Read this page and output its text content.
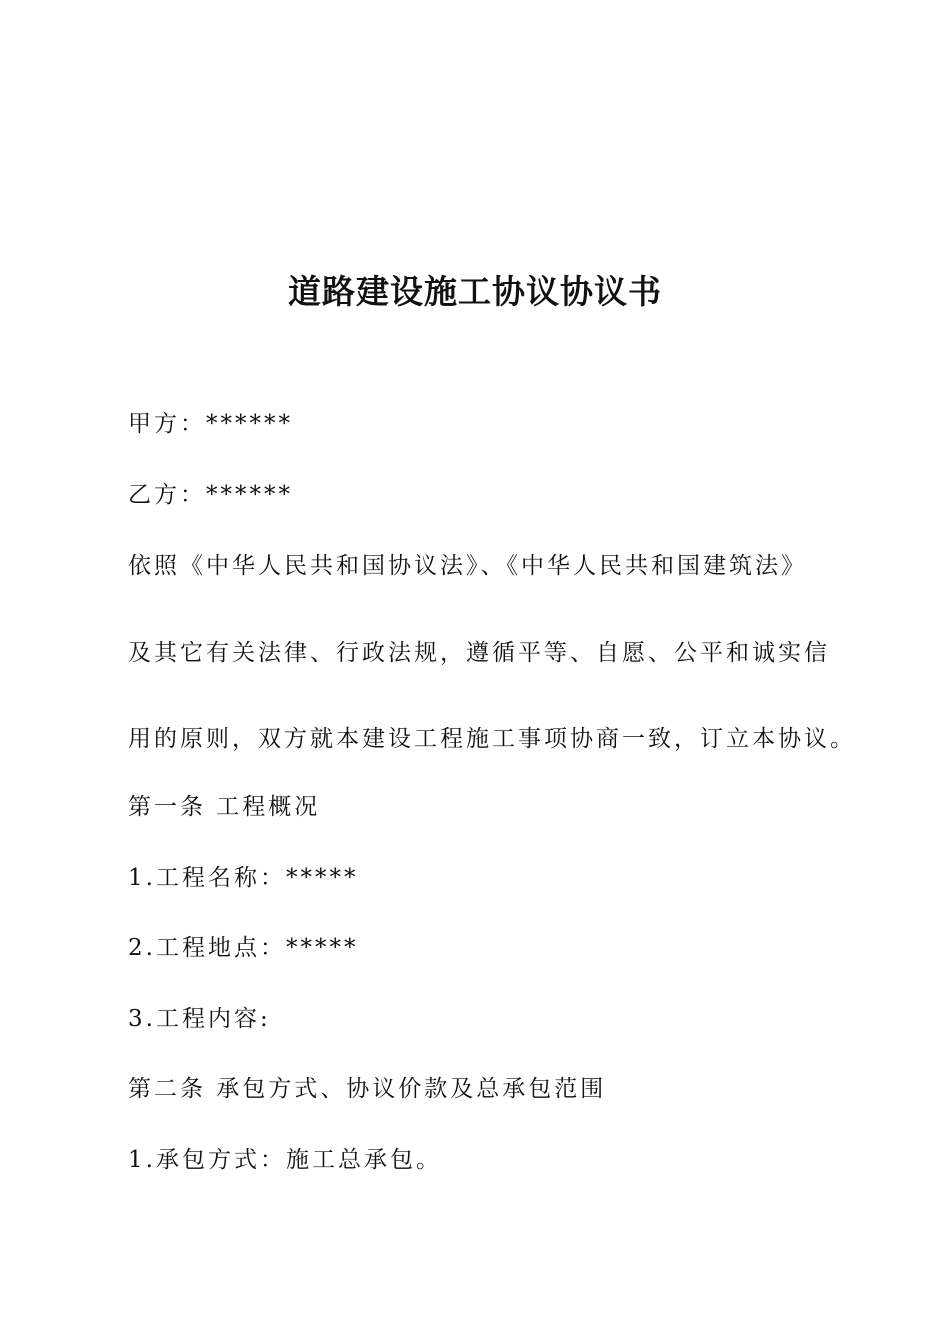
道路建设施工协议协议书
甲方：******
乙方：******
依照《中华人民共和国协议法》、《中华人民共和国建筑法》
及其它有关法律、行政法规，遵循平等、自愿、公平和诚实信
用的原则，双方就本建设工程施工事项协商一致，订立本协议。
第一条 工程概况
1.工程名称：*****
2.工程地点：*****
3.工程内容:
第二条 承包方式、协议价款及总承包范围
1.承包方式：施工总承包。
